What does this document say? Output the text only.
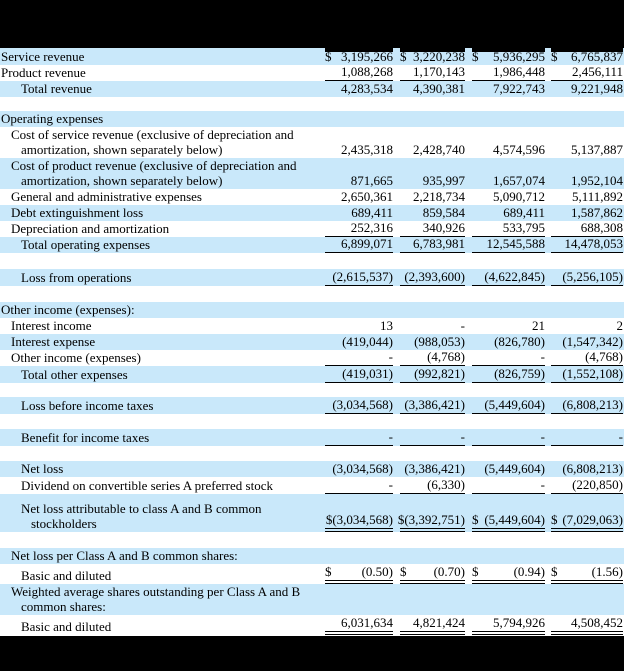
Service revenue	$ 3,195,266 $ 3,220,238 $ 5,936,295 $ 6,765,837
Product revenue	1,088,268	1,170,143	1,986,448	2,456,111
Total revenue	4,283,534	4,390,381	7,922,743	9,221,948
Operating expenses
Cost of service revenue (exclusive of depreciation and
amortization, shown separately below)	2,435,318	2,428,740	4,574,596	5,137,887
Cost of product revenue (exclusive of depreciation and
amortization, shown separately below)	871,665	935,997	1,657,074	1,952,104
General and administrative expenses	2,650,361	2,218,734	5,090,712	5,111,892
Debt extinguishment loss	689,411	859,584	689,411	1,587,862
Depreciation and amortization	252,316	340,926	533,795	688,308
Total operating expenses	6,899,071	6,783,981	12,545,588	14,478,053
Loss from operations	(2,615,537) (2,393,600)	(4,622,845)	(5,256,105)
Other income (expenses):
Interest income	13	-	21	2
Interest expense	(419,044)	(988,053)	(826,780)	(1,547,342)
Other income (expenses)	-	(4,768)	-	(4,768)
Total other expenses	(419,031)	(992,821)	(826,759)	(1,552,108)
Loss before income taxes	(3,034,568) (3,386,421)	(5,449,604)	(6,808,213)
Benefit for income taxes	-	-	-	-
Net loss	(3,034,568) (3,386,421)	(5,449,604)	(6,808,213)
Dividend on convertible series A preferred stock	-	(6,330)	-	(220,850)
Net loss attributable to class A and B common
stockholders	$(3,034,568) $(3,392,751) $ (5,449,604) $ (7,029,063)
Net loss per Class A and B common shares:
Basic and diluted	$ (0.50) $ (0.70) $	(0.94) $	(1.56)
Weighted average shares outstanding per Class A and B
common shares:
Basic and diluted	6,031,634	4,821,424	5,794,926	4,508,452
